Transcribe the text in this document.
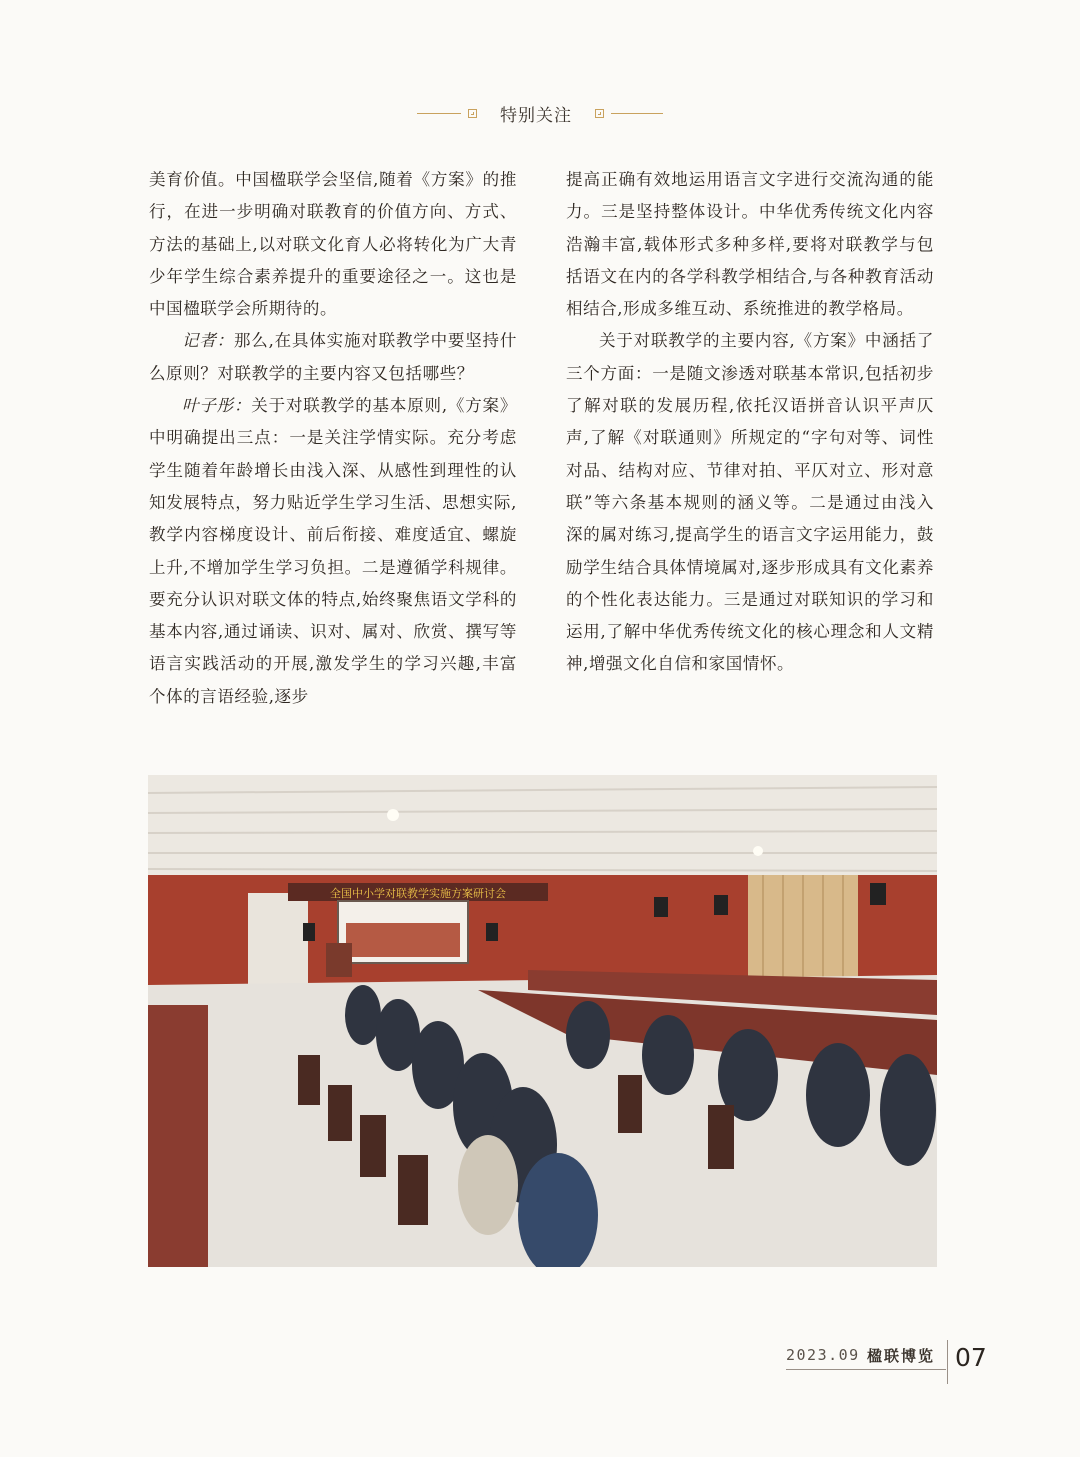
特别关注

美育价值。中国楹联学会坚信,随着《方案》的推行，在进一步明确对联教育的价值方向、方式、方法的基础上,以对联文化育人必将转化为广大青少年学生综合素养提升的重要途径之一。这也是中国楹联学会所期待的。

记者：那么,在具体实施对联教学中要坚持什么原则？对联教学的主要内容又包括哪些？

叶子彤：关于对联教学的基本原则,《方案》中明确提出三点：一是关注学情实际。充分考虑学生随着年龄增长由浅入深、从感性到理性的认知发展特点，努力贴近学生学习生活、思想实际,教学内容梯度设计、前后衔接、难度适宜、螺旋上升,不增加学生学习负担。二是遵循学科规律。要充分认识对联文体的特点,始终聚焦语文学科的基本内容,通过诵读、识对、属对、欣赏、撰写等语言实践活动的开展,激发学生的学习兴趣,丰富个体的言语经验,逐步

提高正确有效地运用语言文字进行交流沟通的能力。三是坚持整体设计。中华优秀传统文化内容浩瀚丰富,载体形式多种多样,要将对联教学与包括语文在内的各学科教学相结合,与各种教育活动相结合,形成多维互动、系统推进的教学格局。

关于对联教学的主要内容,《方案》中涵括了三个方面：一是随文渗透对联基本常识,包括初步了解对联的发展历程,依托汉语拼音认识平声仄声,了解《对联通则》所规定的“字句对等、词性对品、结构对应、节律对拍、平仄对立、形对意联”等六条基本规则的涵义等。二是通过由浅入深的属对练习,提高学生的语言文字运用能力，鼓励学生结合具体情境属对,逐步形成具有文化素养的个性化表达能力。三是通过对联知识的学习和运用,了解中华优秀传统文化的核心理念和人文精神,增强文化自信和家国情怀。

全国中小学对联教学实施方案研讨会
2023.09 楹联博览 07
